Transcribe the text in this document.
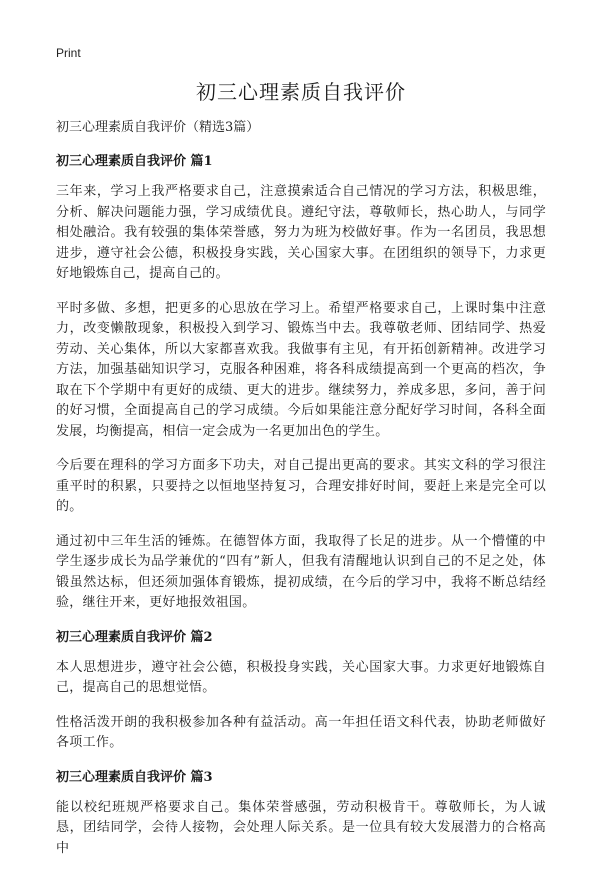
Print
初三心理素质自我评价

初三心理素质自我评价（精选3篇）

初三心理素质自我评价 篇1

三年来，学习上我严格要求自己，注意摸索适合自己情况的学习方法，积极思维，分析、解决问题能力强，学习成绩优良。遵纪守法，尊敬师长，热心助人，与同学相处融洽。我有较强的集体荣誉感，努力为班为校做好事。作为一名团员，我思想进步，遵守社会公德，积极投身实践，关心国家大事。在团组织的领导下，力求更好地锻炼自己，提高自己的。

平时多做、多想，把更多的心思放在学习上。希望严格要求自己，上课时集中注意力，改变懒散现象，积极投入到学习、锻炼当中去。我尊敬老师、团结同学、热爱劳动、关心集体，所以大家都喜欢我。我做事有主见，有开拓创新精神。改进学习方法，加强基础知识学习，克服各种困难，将各科成绩提高到一个更高的档次，争取在下个学期中有更好的成绩、更大的进步。继续努力，养成多思，多问，善于问的好习惯，全面提高自己的学习成绩。今后如果能注意分配好学习时间，各科全面发展，均衡提高，相信一定会成为一名更加出色的学生。

今后要在理科的学习方面多下功夫，对自己提出更高的要求。其实文科的学习很注重平时的积累，只要持之以恒地坚持复习，合理安排好时间，要赶上来是完全可以的。

通过初中三年生活的锤炼。在德智体方面，我取得了长足的进步。从一个懵懂的中学生逐步成长为品学兼优的“四有”新人，但我有清醒地认识到自己的不足之处，体锻虽然达标，但还须加强体育锻炼，提初成绩，在今后的学习中，我将不断总结经验，继往开来，更好地报效祖国。

初三心理素质自我评价 篇2

本人思想进步，遵守社会公德，积极投身实践，关心国家大事。力求更好地锻炼自己，提高自己的思想觉悟。

性格活泼开朗的我积极参加各种有益活动。高一年担任语文科代表，协助老师做好各项工作。

初三心理素质自我评价 篇3

能以校纪班规严格要求自己。集体荣誉感强，劳动积极肯干。尊敬师长，为人诚恳，团结同学，会待人接物，会处理人际关系。是一位具有较大发展潜力的合格高中
